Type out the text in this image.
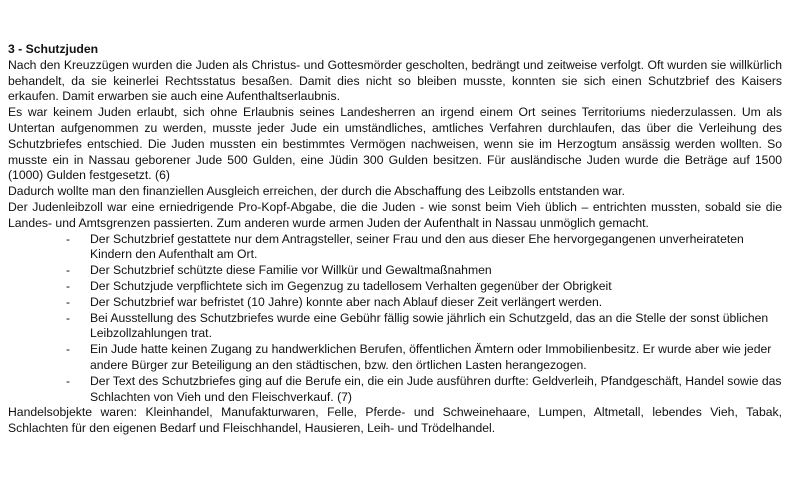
3 - Schutzjuden

Nach den Kreuzzügen wurden die Juden als Christus- und Gottesmörder gescholten, bedrängt und zeitweise verfolgt. Oft wurden sie willkürlich behandelt, da sie keinerlei Rechtsstatus besaßen. Damit dies nicht so bleiben musste, konnten sie sich einen Schutzbrief des Kaisers erkaufen. Damit erwarben sie auch eine Aufenthaltserlaubnis.

Es war keinem Juden erlaubt, sich ohne Erlaubnis seines Landesherren an irgend einem Ort seines Territoriums niederzulassen. Um als Untertan aufgenommen zu werden, musste jeder Jude ein umständliches, amtliches Verfahren durchlaufen, das über die Verleihung des Schutzbriefes entschied. Die Juden mussten ein bestimmtes Vermögen nachweisen, wenn sie im Herzogtum ansässig werden wollten. So musste ein in Nassau geborener Jude 500 Gulden, eine Jüdin 300 Gulden besitzen. Für ausländische Juden wurde die Beträge auf 1500 (1000) Gulden festgesetzt. (6)

Dadurch wollte man den finanziellen Ausgleich erreichen, der durch die Abschaffung des Leibzolls entstanden war.

Der Judenleibzoll war eine erniedrigende Pro-Kopf-Abgabe, die die Juden - wie sonst beim Vieh üblich – entrichten mussten, sobald sie die Landes- und Amtsgrenzen passierten. Zum anderen wurde armen Juden der Aufenthalt in Nassau unmöglich gemacht.

- Der Schutzbrief gestattete nur dem Antragsteller, seiner Frau und den aus dieser Ehe hervorgegangenen unverheirateten Kindern den Aufenthalt am Ort.
- Der Schutzbrief schützte diese Familie vor Willkür und Gewaltmaßnahmen
- Der Schutzjude verpflichtete sich im Gegenzug zu tadellosem Verhalten gegenüber der Obrigkeit
- Der Schutzbrief war befristet (10 Jahre) konnte aber nach Ablauf dieser Zeit verlängert werden.
- Bei Ausstellung des Schutzbriefes wurde eine Gebühr fällig sowie jährlich ein Schutzgeld, das an die Stelle der sonst üblichen Leibzollzahlungen trat.
- Ein Jude hatte keinen Zugang zu handwerklichen Berufen, öffentlichen Ämtern oder Immobilienbesitz. Er wurde aber wie jeder andere Bürger zur Beteiligung an den städtischen, bzw. den örtlichen Lasten herangezogen.
- Der Text des Schutzbriefes ging auf die Berufe ein, die ein Jude ausführen durfte: Geldverleih, Pfandgeschäft, Handel sowie das Schlachten von Vieh und den Fleischverkauf. (7)

Handelsobjekte waren: Kleinhandel, Manufakturwaren, Felle, Pferde- und Schweinehaare, Lumpen, Altmetall, lebendes Vieh, Tabak, Schlachten für den eigenen Bedarf und Fleischhandel, Hausieren, Leih- und Trödelhandel.
